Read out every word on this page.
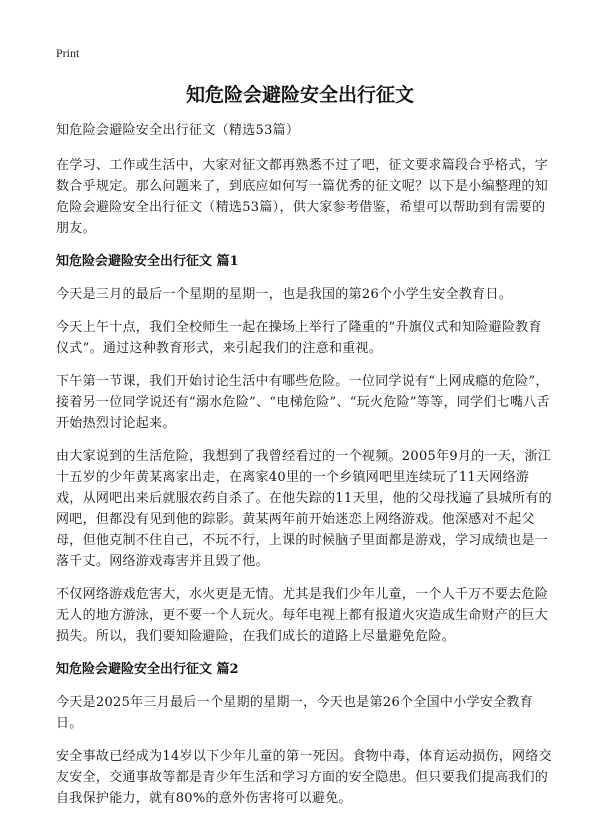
Print
知危险会避险安全出行征文

知危险会避险安全出行征文（精选53篇）

在学习、工作或生活中，大家对征文都再熟悉不过了吧，征文要求篇段合乎格式，字数合乎规定。那么问题来了，到底应如何写一篇优秀的征文呢？以下是小编整理的知危险会避险安全出行征文（精选53篇），供大家参考借鉴，希望可以帮助到有需要的朋友。

知危险会避险安全出行征文 篇1

今天是三月的最后一个星期的星期一，也是我国的第26个小学生安全教育日。

今天上午十点，我们全校师生一起在操场上举行了隆重的“升旗仪式和知险避险教育仪式”。通过这种教育形式，来引起我们的注意和重视。

下午第一节课，我们开始讨论生活中有哪些危险。一位同学说有“上网成瘾的危险”，接着另一位同学说还有“溺水危险”、“电梯危险”、“玩火危险”等等，同学们七嘴八舌开始热烈讨论起来。

由大家说到的生活危险，我想到了我曾经看过的一个视频。2005年9月的一天，浙江十五岁的少年黄某离家出走，在离家40里的一个乡镇网吧里连续玩了11天网络游戏，从网吧出来后就服农药自杀了。在他失踪的11天里，他的父母找遍了县城所有的网吧，但都没有见到他的踪影。黄某两年前开始迷恋上网络游戏。他深感对不起父母，但他克制不住自己，不玩不行，上课的时候脑子里面都是游戏，学习成绩也是一落千丈。网络游戏毒害并且毁了他。

不仅网络游戏危害大，水火更是无情。尤其是我们少年儿童，一个人千万不要去危险无人的地方游泳，更不要一个人玩火。每年电视上都有报道火灾造成生命财产的巨大损失。所以，我们要知险避险，在我们成长的道路上尽量避免危险。

知危险会避险安全出行征文 篇2

今天是2025年三月最后一个星期的星期一，今天也是第26个全国中小学安全教育日。

安全事故已经成为14岁以下少年儿童的第一死因。食物中毒，体育运动损伤，网络交友安全，交通事故等都是青少年生活和学习方面的安全隐患。但只要我们提高我们的自我保护能力，就有80%的意外伤害将可以避免。
